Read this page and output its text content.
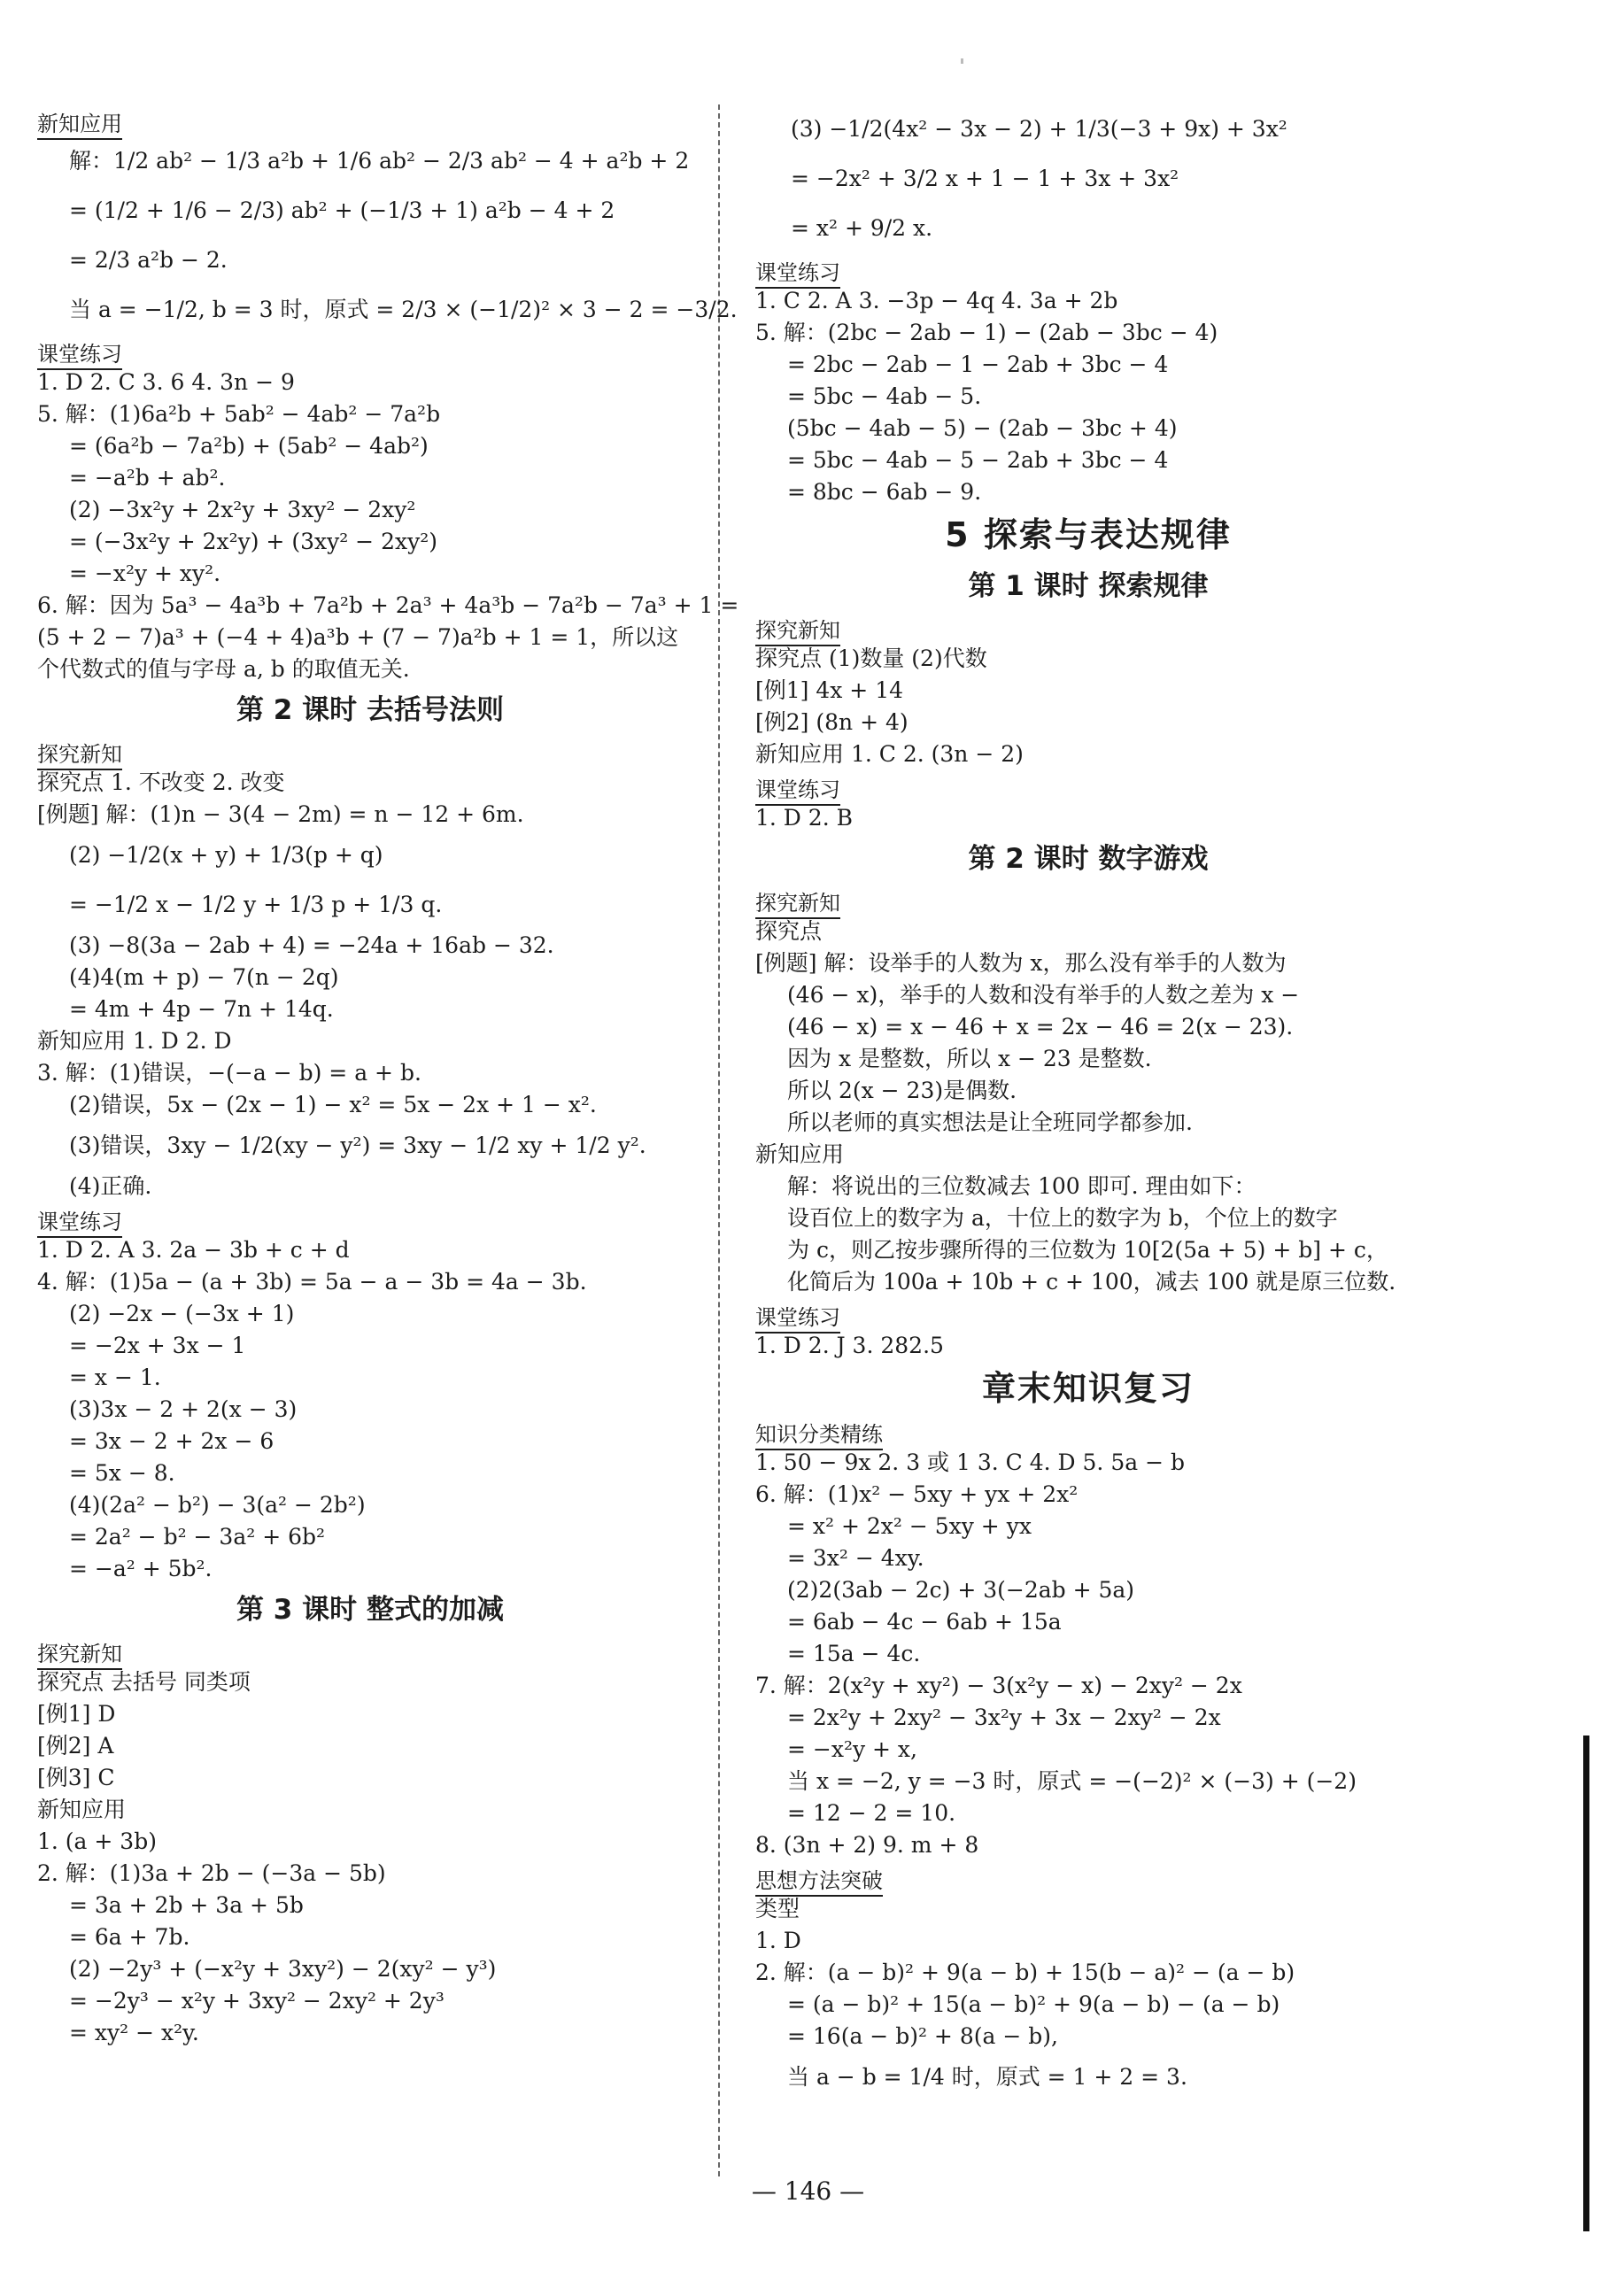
新知应用
解：1/2 ab² − 1/3 a²b + 1/6 ab² − 2/3 ab² − 4 + a²b + 2
= (1/2 + 1/6 − 2/3) ab² + (−1/3 + 1) a²b − 4 + 2
= 2/3 a²b − 2.
当 a = −1/2, b = 3 时，原式 = 2/3 × (−1/2)² × 3 − 2 = −3/2.
课堂练习
1. D 2. C 3. 6 4. 3n − 9
5. 解：(1)6a²b + 5ab² − 4ab² − 7a²b
= (6a²b − 7a²b) + (5ab² − 4ab²)
= −a²b + ab².
(2) −3x²y + 2x²y + 3xy² − 2xy²
= (−3x²y + 2x²y) + (3xy² − 2xy²)
= −x²y + xy².
6. 解：因为 5a³ − 4a³b + 7a²b + 2a³ + 4a³b − 7a²b − 7a³ + 1 =
(5 + 2 − 7)a³ + (−4 + 4)a³b + (7 − 7)a²b + 1 = 1，所以这
个代数式的值与字母 a, b 的取值无关.
第 2 课时 去括号法则
探究新知
探究点 1. 不改变 2. 改变
[例题] 解：(1)n − 3(4 − 2m) = n − 12 + 6m.
(2) −1/2(x + y) + 1/3(p + q)
= −1/2 x − 1/2 y + 1/3 p + 1/3 q.
(3) −8(3a − 2ab + 4) = −24a + 16ab − 32.
(4)4(m + p) − 7(n − 2q)
= 4m + 4p − 7n + 14q.
新知应用 1. D 2. D
3. 解：(1)错误，−(−a − b) = a + b.
(2)错误，5x − (2x − 1) − x² = 5x − 2x + 1 − x².
(3)错误，3xy − 1/2(xy − y²) = 3xy − 1/2 xy + 1/2 y².
(4)正确.
课堂练习
1. D 2. A 3. 2a − 3b + c + d
4. 解：(1)5a − (a + 3b) = 5a − a − 3b = 4a − 3b.
(2) −2x − (−3x + 1)
= −2x + 3x − 1
= x − 1.
(3)3x − 2 + 2(x − 3)
= 3x − 2 + 2x − 6
= 5x − 8.
(4)(2a² − b²) − 3(a² − 2b²)
= 2a² − b² − 3a² + 6b²
= −a² + 5b².
第 3 课时 整式的加减
探究新知
探究点 去括号 同类项
[例1] D
[例2] A
[例3] C
新知应用
1. (a + 3b)
2. 解：(1)3a + 2b − (−3a − 5b)
= 3a + 2b + 3a + 5b
= 6a + 7b.
(2) −2y³ + (−x²y + 3xy²) − 2(xy² − y³)
= −2y³ − x²y + 3xy² − 2xy² + 2y³
= xy² − x²y.
(3) −1/2(4x² − 3x − 2) + 1/3(−3 + 9x) + 3x²
= −2x² + 3/2 x + 1 − 1 + 3x + 3x²
= x² + 9/2 x.
课堂练习
1. C 2. A 3. −3p − 4q 4. 3a + 2b
5. 解：(2bc − 2ab − 1) − (2ab − 3bc − 4)
= 2bc − 2ab − 1 − 2ab + 3bc − 4
= 5bc − 4ab − 5.
(5bc − 4ab − 5) − (2ab − 3bc + 4)
= 5bc − 4ab − 5 − 2ab + 3bc − 4
= 8bc − 6ab − 9.
5 探索与表达规律
第 1 课时 探索规律
探究新知
探究点 (1)数量 (2)代数
[例1] 4x + 14
[例2] (8n + 4)
新知应用 1. C 2. (3n − 2)
课堂练习
1. D 2. B
第 2 课时 数字游戏
探究新知
探究点
[例题] 解：设举手的人数为 x，那么没有举手的人数为
(46 − x)，举手的人数和没有举手的人数之差为 x −
(46 − x) = x − 46 + x = 2x − 46 = 2(x − 23).
因为 x 是整数，所以 x − 23 是整数.
所以 2(x − 23)是偶数.
所以老师的真实想法是让全班同学都参加.
新知应用
解：将说出的三位数减去 100 即可. 理由如下：
设百位上的数字为 a，十位上的数字为 b，个位上的数字
为 c，则乙按步骤所得的三位数为 10[2(5a + 5) + b] + c，
化简后为 100a + 10b + c + 100，减去 100 就是原三位数.
课堂练习
1. D 2. J 3. 282.5
章末知识复习
知识分类精练
1. 50 − 9x 2. 3 或 1 3. C 4. D 5. 5a − b
6. 解：(1)x² − 5xy + yx + 2x²
= x² + 2x² − 5xy + yx
= 3x² − 4xy.
(2)2(3ab − 2c) + 3(−2ab + 5a)
= 6ab − 4c − 6ab + 15a
= 15a − 4c.
7. 解：2(x²y + xy²) − 3(x²y − x) − 2xy² − 2x
= 2x²y + 2xy² − 3x²y + 3x − 2xy² − 2x
= −x²y + x,
当 x = −2, y = −3 时，原式 = −(−2)² × (−3) + (−2)
= 12 − 2 = 10.
8. (3n + 2) 9. m + 8
思想方法突破
类型
1. D
2. 解：(a − b)² + 9(a − b) + 15(b − a)² − (a − b)
= (a − b)² + 15(a − b)² + 9(a − b) − (a − b)
= 16(a − b)² + 8(a − b),
当 a − b = 1/4 时，原式 = 1 + 2 = 3.
— 146 —
